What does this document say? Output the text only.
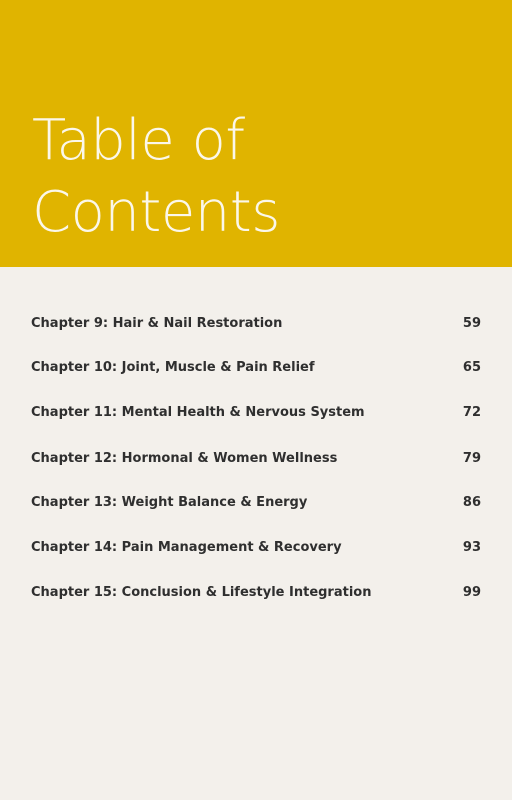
Table of
Contents
Chapter 9: Hair & Nail Restoration	59
Chapter 10: Joint, Muscle & Pain Relief	65
Chapter 11: Mental Health & Nervous System	72
Chapter 12: Hormonal & Women Wellness	79
Chapter 13: Weight Balance & Energy	86
Chapter 14: Pain Management & Recovery	93
Chapter 15: Conclusion & Lifestyle Integration	99
